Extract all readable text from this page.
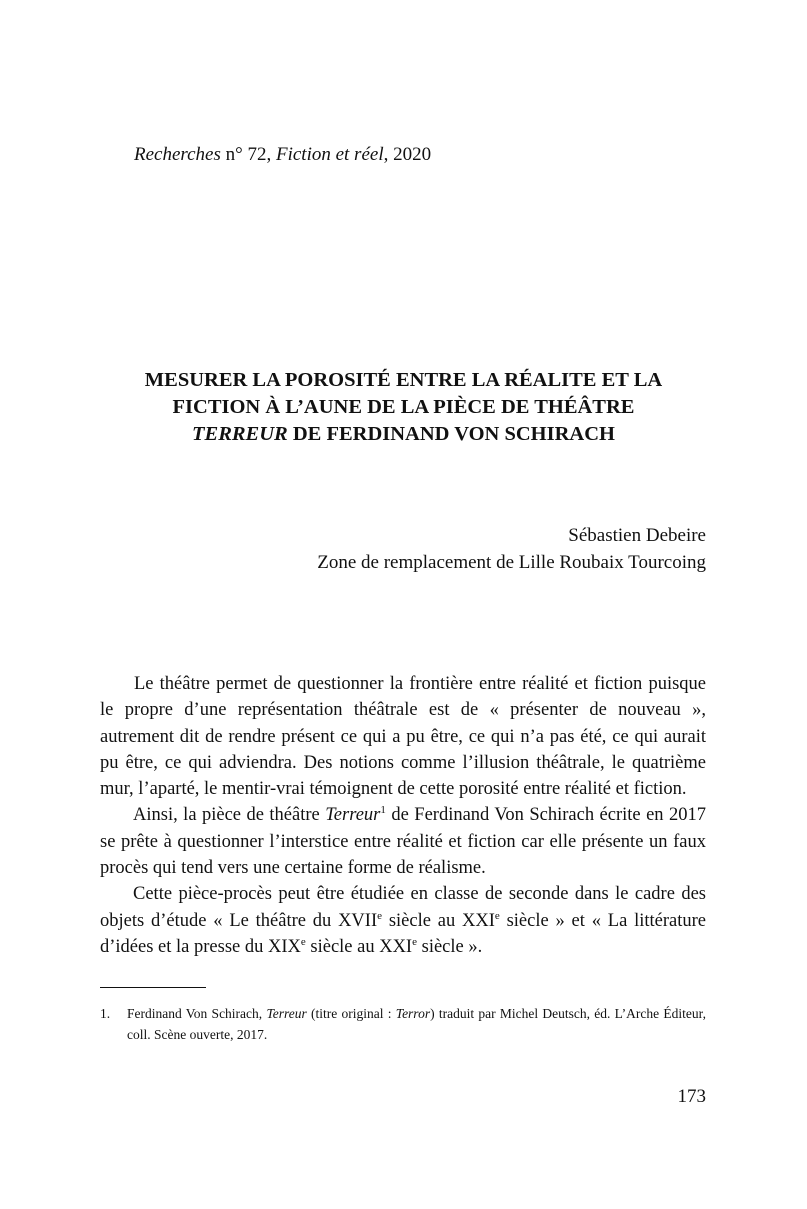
Recherches n° 72, Fiction et réel, 2020
MESURER LA POROSITÉ ENTRE LA RÉALITE ET LA
FICTION À L’AUNE DE LA PIÈCE DE THÉÂTRE
TERREUR DE FERDINAND VON SCHIRACH
Sébastien Debeire
Zone de remplacement de Lille Roubaix Tourcoing

Le théâtre permet de questionner la frontière entre réalité et fiction puisque le propre d’une représentation théâtrale est de « présenter de nouveau », autrement dit de rendre présent ce qui a pu être, ce qui n’a pas été, ce qui aurait pu être, ce qui adviendra. Des notions comme l’illusion théâtrale, le quatrième mur, l’aparté, le mentir-vrai témoignent de cette porosité entre réalité et fiction.

Ainsi, la pièce de théâtre Terreur$^1$ de Ferdinand Von Schirach écrite en 2017 se prête à questionner l’interstice entre réalité et fiction car elle présente un faux procès qui tend vers une certaine forme de réalisme.

Cette pièce-procès peut être étudiée en classe de seconde dans le cadre des objets d’étude « Le théâtre du XVIIe siècle au XXIe siècle » et « La littérature d’idées et la presse du XIXe siècle au XXIe siècle ».

1. Ferdinand Von Schirach, Terreur (titre original : Terror) traduit par Michel Deutsch, éd. L’Arche Éditeur, coll. Scène ouverte, 2017.
173
